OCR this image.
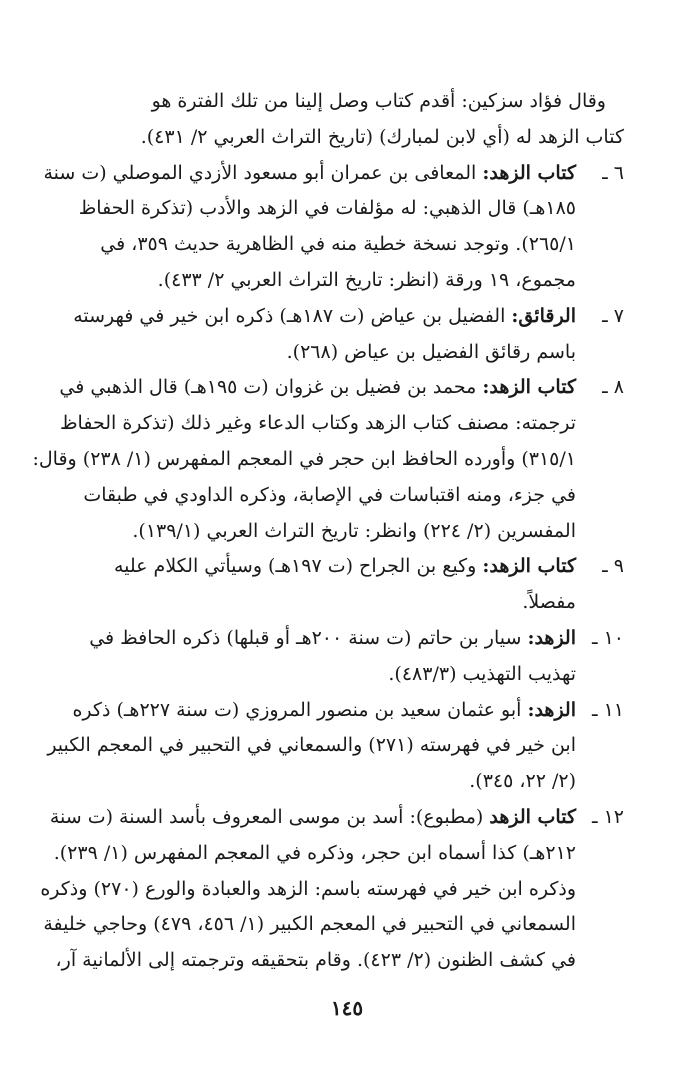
وقال فؤاد سزكين: أقدم كتاب وصل إلينا من تلك الفترة هو
كتاب الزهد له (أي لابن لمبارك) (تاريخ التراث العربي ٢/ ٤٣١).
٦ ـكتاب الزهد: المعافى بن عمران أبو مسعود الأزدي الموصلي (ت سنة
١٨٥هـ) قال الذهبي: له مؤلفات في الزهد والأدب (تذكرة الحفاظ
٢٦٥/١). وتوجد نسخة خطية منه في الظاهرية حديث ٣٥٩، في
مجموع، ١٩ ورقة (انظر: تاريخ التراث العربي ٢/ ٤٣٣).
٧ ـالرقائق: الفضيل بن عياض (ت ١٨٧هـ) ذكره ابن خير في فهرسته
باسم رقائق الفضيل بن عياض (٢٦٨).
٨ ـكتاب الزهد: محمد بن فضيل بن غزوان (ت ١٩٥هـ) قال الذهبي في
ترجمته: مصنف كتاب الزهد وكتاب الدعاء وغير ذلك (تذكرة الحفاظ
٣١٥/١) وأورده الحافظ ابن حجر في المعجم المفهرس (١/ ٢٣٨) وقال:
في جزء، ومنه اقتباسات في الإصابة، وذكره الداودي في طبقات
المفسرين (٢/ ٢٢٤) وانظر: تاريخ التراث العربي (١٣٩/١).
٩ ـكتاب الزهد: وكيع بن الجراح (ت ١٩٧هـ) وسيأتي الكلام عليه
مفصلاً.
١٠ ـالزهد: سيار بن حاتم (ت سنة ٢٠٠هـ أو قبلها) ذكره الحافظ في
تهذيب التهذيب (٤٨٣/٣).
١١ ـالزهد: أبو عثمان سعيد بن منصور المروزي (ت سنة ٢٢٧هـ) ذكره
ابن خير في فهرسته (٢٧١) والسمعاني في التحبير في المعجم الكبير
(٢/ ٢٢، ٣٤٥).
١٢ ـكتاب الزهد (مطبوع): أسد بن موسى المعروف بأسد السنة (ت سنة
٢١٢هـ) كذا أسماه ابن حجر، وذكره في المعجم المفهرس (١/ ٢٣٩).
وذكره ابن خير في فهرسته باسم: الزهد والعبادة والورع (٢٧٠) وذكره
السمعاني في التحبير في المعجم الكبير (١/ ٤٥٦، ٤٧٩) وحاجي خليفة
في كشف الظنون (٢/ ٤٢٣). وقام بتحقيقه وترجمته إلى الألمانية آر،
١٤٥
